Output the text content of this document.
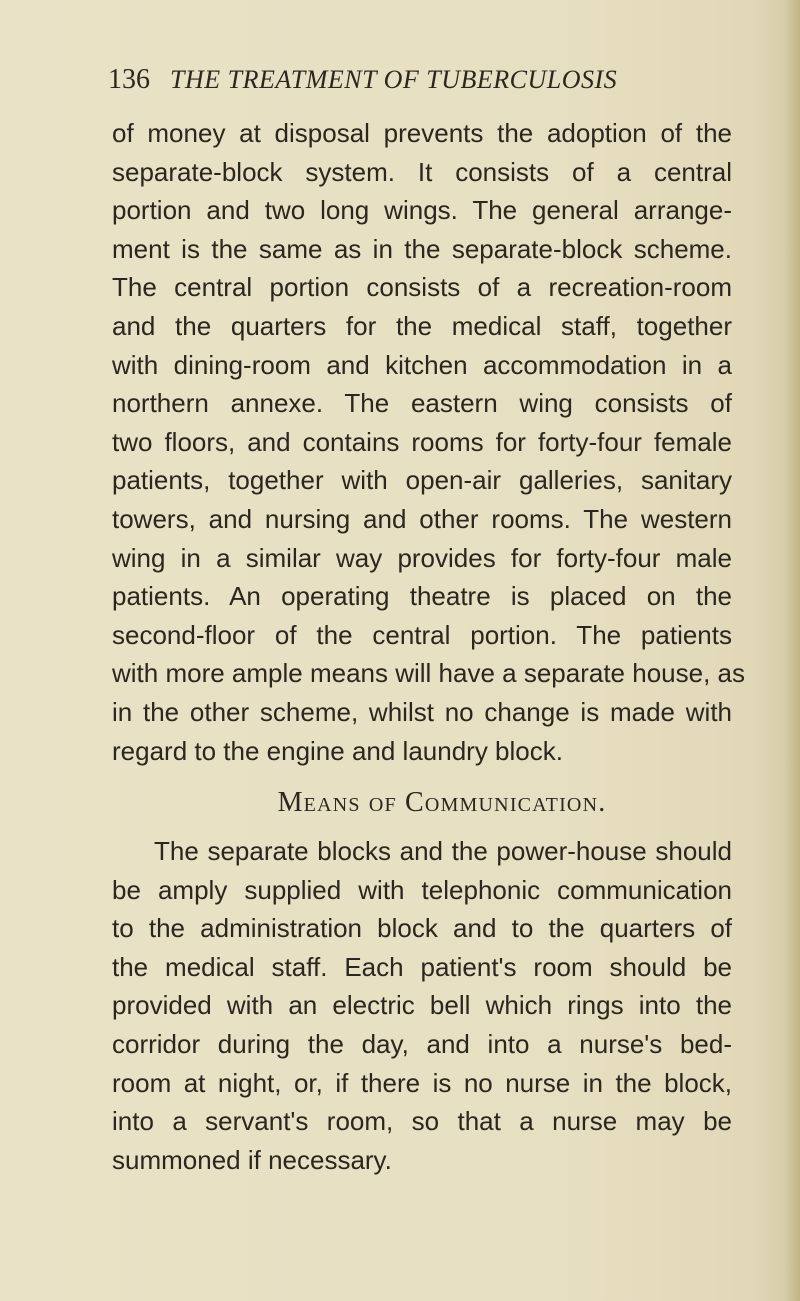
136 THE TREATMENT OF TUBERCULOSIS
of money at disposal prevents the adoption of the
separate-block system. It consists of a central
portion and two long wings. The general arrange-
ment is the same as in the separate-block scheme.
The central portion consists of a recreation-room
and the quarters for the medical staff, together
with dining-room and kitchen accommodation in a
northern annexe. The eastern wing consists of
two floors, and contains rooms for forty-four female
patients, together with open-air galleries, sanitary
towers, and nursing and other rooms. The western
wing in a similar way provides for forty-four male
patients. An operating theatre is placed on the
second-floor of the central portion. The patients
with more ample means will have a separate house, as
in the other scheme, whilst no change is made with
regard to the engine and laundry block.
Means of Communication.
The separate blocks and the power-house should
be amply supplied with telephonic communication
to the administration block and to the quarters of
the medical staff. Each patient's room should be
provided with an electric bell which rings into the
corridor during the day, and into a nurse's bed-
room at night, or, if there is no nurse in the block,
into a servant's room, so that a nurse may be
summoned if necessary.
